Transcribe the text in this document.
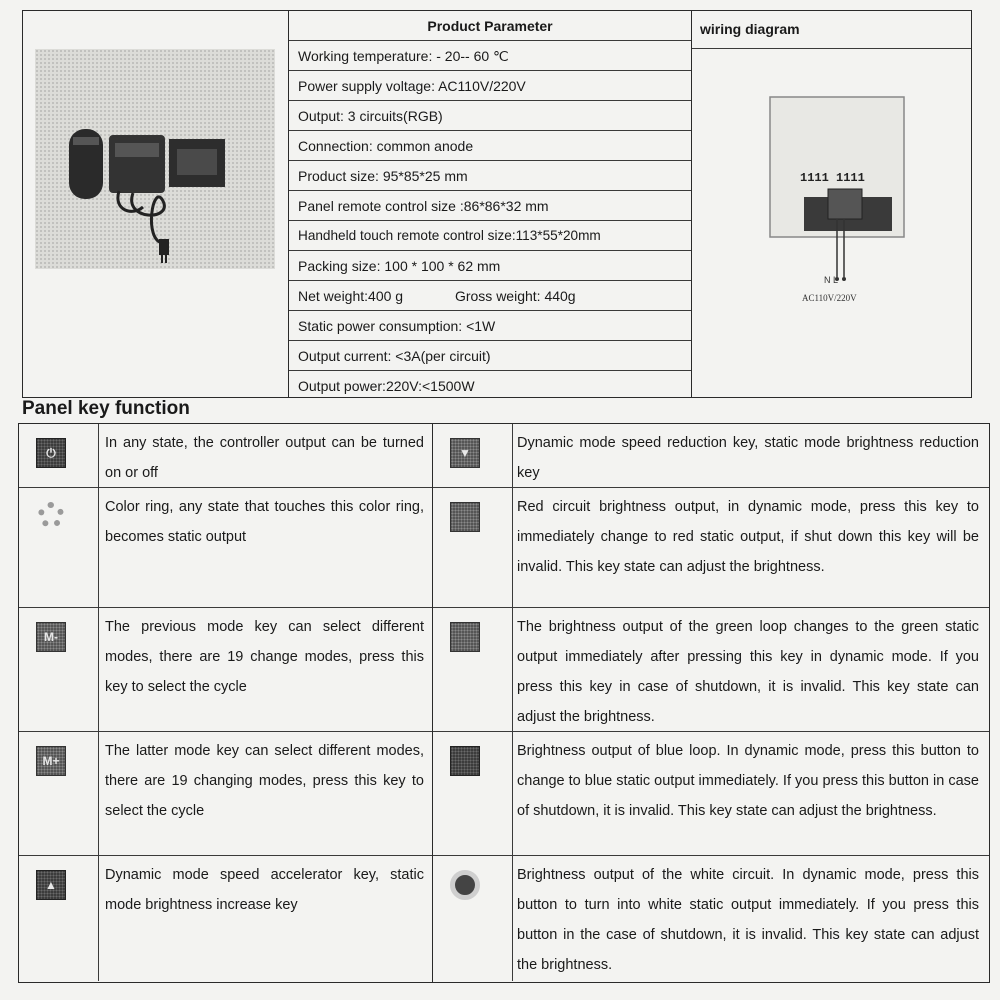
Product Parameter
Working temperature: - 20-- 60 ℃
Power supply voltage: AC110V/220V
Output: 3 circuits(RGB)
Connection: common anode
Product size: 95*85*25 mm
Panel remote control size :86*86*32 mm
Handheld touch remote control size:113*55*20mm
Packing size: 100 * 100 * 62 mm
Net weight:400 g	Gross weight: 440g
Static power consumption: <1W
Output current: <3A(per circuit)
Output power:220V:<1500W
wiring diagram
1111 1111
N L
AC110V/220V
Panel key function
⏻
In any state, the controller output can be turned on or off
Color ring, any state that touches this color ring, becomes static output
M-
The previous mode key can select different modes, there are 19 change modes, press this key to select the cycle
M+
The latter mode key can select different modes, there are 19 changing modes, press this key to select the cycle
▲
Dynamic mode speed accelerator key, static mode brightness increase key
▼
Dynamic mode speed reduction key, static mode brightness reduction key
Red circuit brightness output, in dynamic mode, press this key to immediately change to red static output, if shut down this key will be invalid. This key state can adjust the brightness.
The brightness output of the green loop changes to the green static output immediately after pressing this key in dynamic mode. If you press this key in case of shutdown, it is invalid. This key state can adjust the brightness.
Brightness output of blue loop. In dynamic mode, press this button to change to blue static output immediately. If you press this button in case of shutdown, it is invalid. This key state can adjust the brightness.
Brightness output of the white circuit. In dynamic mode, press this button to turn into white static output immediately. If you press this button in the case of shutdown, it is invalid. This key state can adjust the brightness.
